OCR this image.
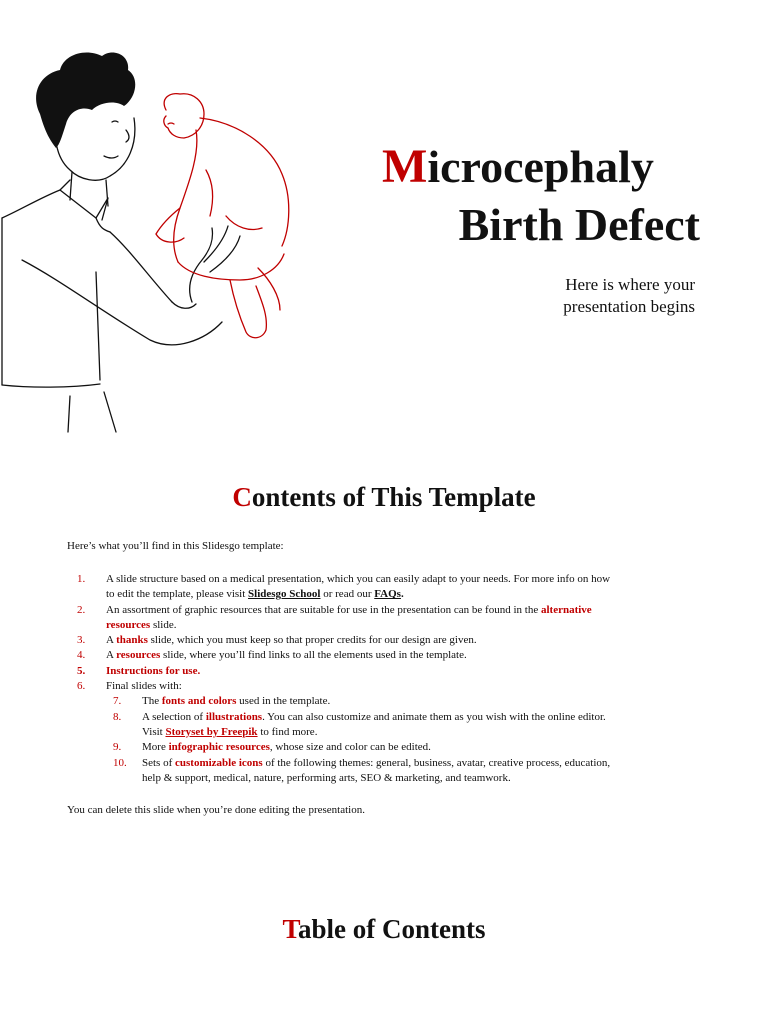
Microcephaly

Birth Defect

Here is where your
presentation begins
Contents of This Template
Here’s what you’ll find in this Slidesgo template:
1.	A slide structure based on a medical presentation, which you can easily adapt to your needs. For more info on how
to edit the template, please visit Slidesgo School or read our FAQs.
2.	An assortment of graphic resources that are suitable for use in the presentation can be found in the alternative
resources slide.
3.	A thanks slide, which you must keep so that proper credits for our design are given.
4.	A resources slide, where you’ll find links to all the elements used in the template.
5.	Instructions for use.
6.	Final slides with:
7.	The fonts and colors used in the template.
8.	A selection of illustrations. You can also customize and animate them as you wish with the online editor.
Visit Storyset by Freepik to find more.
9.	More infographic resources, whose size and color can be edited.
10.	Sets of customizable icons of the following themes: general, business, avatar, creative process, education,
help & support, medical, nature, performing arts, SEO & marketing, and teamwork.
You can delete this slide when you’re done editing the presentation.
Table of Contents
